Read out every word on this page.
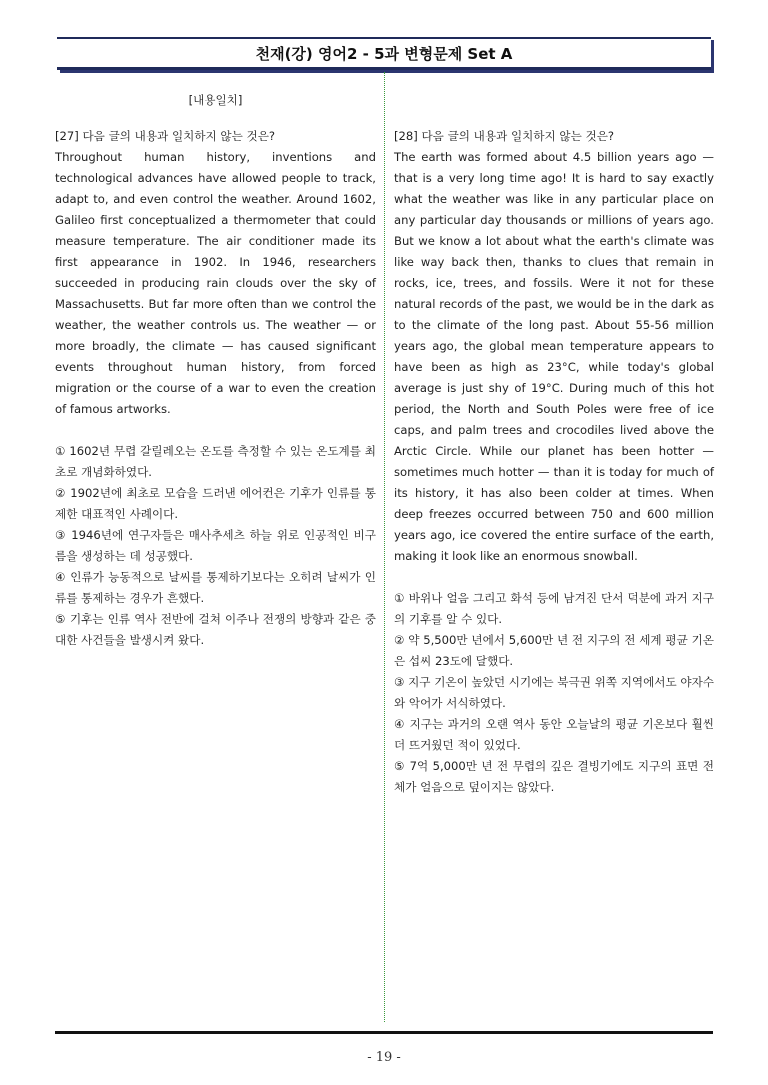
천재(강) 영어2 - 5과 변형문제 Set A
[내용일치]
[27] 다음 글의 내용과 일치하지 않는 것은?

Throughout human history, inventions and technological advances have allowed people to track, adapt to, and even control the weather. Around 1602, Galileo first conceptualized a thermometer that could measure temperature. The air conditioner made its first appearance in 1902. In 1946, researchers succeeded in producing rain clouds over the sky of Massachusetts. But far more often than we control the weather, the weather controls us. The weather — or more broadly, the climate — has caused significant events throughout human history, from forced migration or the course of a war to even the creation of famous artworks.

① 1602년 무렵 갈릴레오는 온도를 측정할 수 있는 온도계를 최초로 개념화하였다.

② 1902년에 최초로 모습을 드러낸 에어컨은 기후가 인류를 통제한 대표적인 사례이다.

③ 1946년에 연구자들은 매사추세츠 하늘 위로 인공적인 비구름을 생성하는 데 성공했다.

④ 인류가 능동적으로 날씨를 통제하기보다는 오히려 날씨가 인류를 통제하는 경우가 흔했다.

⑤ 기후는 인류 역사 전반에 걸쳐 이주나 전쟁의 방향과 같은 중대한 사건들을 발생시켜 왔다.

[28] 다음 글의 내용과 일치하지 않는 것은?

The earth was formed about 4.5 billion years ago — that is a very long time ago! It is hard to say exactly what the weather was like in any particular place on any particular day thousands or millions of years ago. But we know a lot about what the earth's climate was like way back then, thanks to clues that remain in rocks, ice, trees, and fossils. Were it not for these natural records of the past, we would be in the dark as to the climate of the long past. About 55-56 million years ago, the global mean temperature appears to have been as high as 23°C, while today's global average is just shy of 19°C. During much of this hot period, the North and South Poles were free of ice caps, and palm trees and crocodiles lived above the Arctic Circle. While our planet has been hotter — sometimes much hotter — than it is today for much of its history, it has also been colder at times. When deep freezes occurred between 750 and 600 million years ago, ice covered the entire surface of the earth, making it look like an enormous snowball.

① 바위나 얼음 그리고 화석 등에 남겨진 단서 덕분에 과거 지구의 기후를 알 수 있다.

② 약 5,500만 년에서 5,600만 년 전 지구의 전 세계 평균 기온은 섭씨 23도에 달했다.

③ 지구 기온이 높았던 시기에는 북극권 위쪽 지역에서도 야자수와 악어가 서식하였다.

④ 지구는 과거의 오랜 역사 동안 오늘날의 평균 기온보다 훨씬 더 뜨거웠던 적이 있었다.

⑤ 7억 5,000만 년 전 무렵의 깊은 결빙기에도 지구의 표면 전체가 얼음으로 덮이지는 않았다.

- 19 -
